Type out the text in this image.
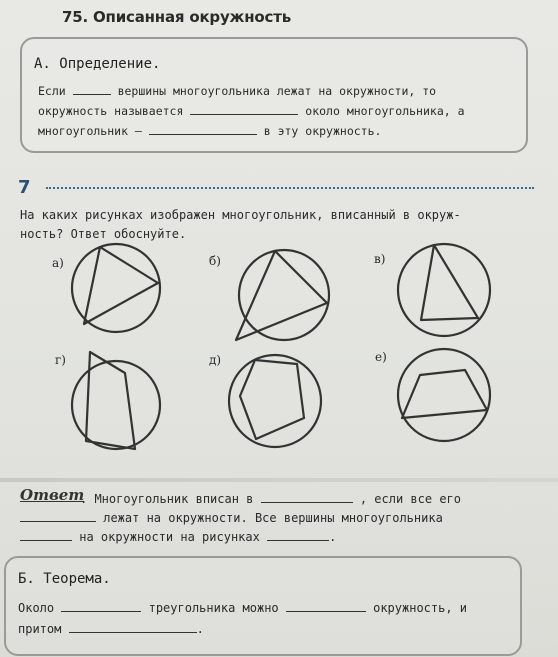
75. Описанная окружность
А. Определение.
Если	вершины многоугольника лежат на окружности, то
окружность называется	около многоугольника, а
многоугольник —	в эту окружность.
7
На каких рисунках изображен многоугольник, вписанный в окруж-
ность? Ответ обоснуйте.
а)	б)	в)
г)	д)	е)
Ответ
. Многоугольник вписан в	, если все его
лежат на окружности. Все вершины многоугольника
на окружности на рисунках	.
Б. Теорема.
Около	треугольника можно	окружность, и
притом	.
